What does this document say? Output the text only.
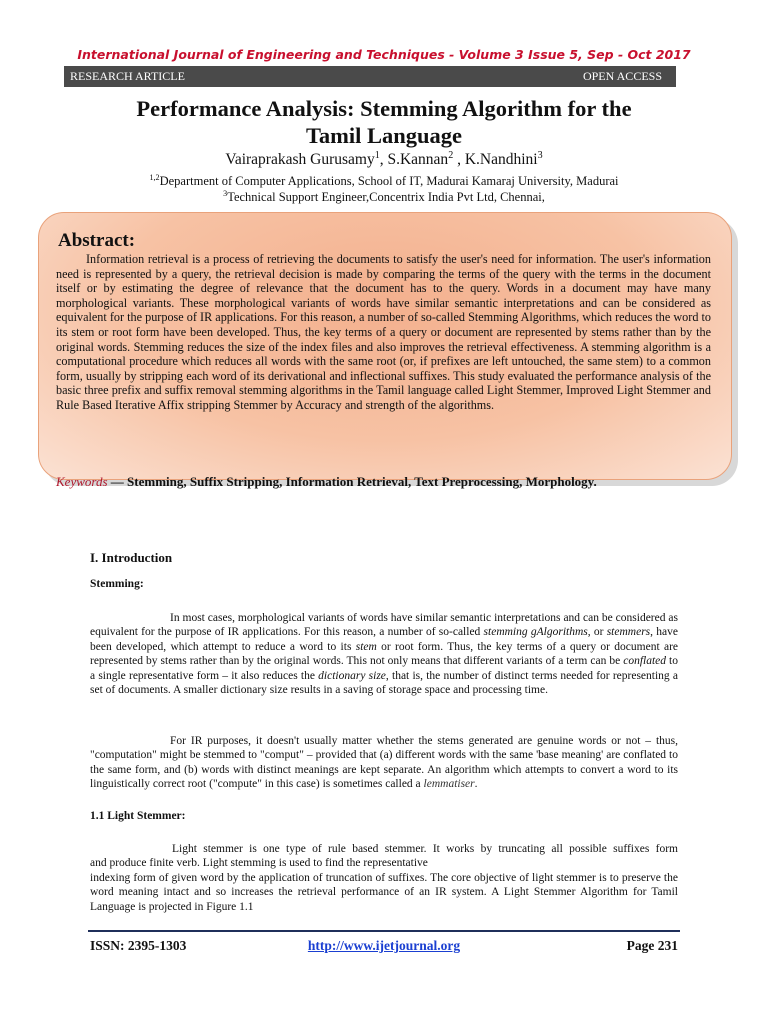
International Journal of Engineering and Techniques - Volume 3 Issue 5, Sep - Oct 2017
RESEARCH ARTICLE	OPEN ACCESS
Performance Analysis: Stemming Algorithm for the
Tamil Language
Vairaprakash Gurusamy$^1$, S.Kannan$^2$ , K.Nandhini$^3$
$^{1,2}$Department of Computer Applications, School of IT, Madurai Kamaraj University, Madurai
$^3$Technical Support Engineer,Concentrix India Pvt Ltd, Chennai,
Abstract:
Information retrieval is a process of retrieving the documents to satisfy the user's need for information. The user's information need is represented by a query, the retrieval decision is made by comparing the terms of the query with the terms in the document itself or by estimating the degree of relevance that the document has to the query. Words in a document may have many morphological variants. These morphological variants of words have similar semantic interpretations and can be considered as equivalent for the purpose of IR applications. For this reason, a number of so-called Stemming Algorithms, which reduces the word to its stem or root form have been developed. Thus, the key terms of a query or document are represented by stems rather than by the original words. Stemming reduces the size of the index files and also improves the retrieval effectiveness. A stemming algorithm is a computational procedure which reduces all words with the same root (or, if prefixes are left untouched, the same stem) to a common form, usually by stripping each word of its derivational and inflectional suffixes. This study evaluated the performance analysis of the basic three prefix and suffix removal stemming algorithms in the Tamil language called Light Stemmer, Improved Light Stemmer and Rule Based Iterative Affix stripping Stemmer by Accuracy and strength of the algorithms.
Keywords — Stemming, Suffix Stripping, Information Retrieval, Text Preprocessing, Morphology.
I. Introduction
Stemming:
In most cases, morphological variants of words have similar semantic interpretations and can be considered as equivalent for the purpose of IR applications. For this reason, a number of so-called stemming gAlgorithms, or stemmers, have been developed, which attempt to reduce a word to its stem or root form. Thus, the key terms of a query or document are represented by stems rather than by the original words. This not only means that different variants of a term can be conflated to a single representative form – it also reduces the dictionary size, that is, the number of distinct terms needed for representing a set of documents. A smaller dictionary size results in a saving of storage space and processing time.
For IR purposes, it doesn't usually matter whether the stems generated are genuine words or not – thus, "computation" might be stemmed to "comput" – provided that (a) different words with the same 'base meaning' are conflated to the same form, and (b) words with distinct meanings are kept separate. An algorithm which attempts to convert a word to its linguistically correct root ("compute" in this case) is sometimes called a lemmatiser.
1.1 Light Stemmer:
Light stemmer is one type of rule based stemmer. It works by truncating all possible suffixes form
and produce finite verb. Light stemming is used to find the representative
indexing form of given word by the application of truncation of suffixes. The core objective of light stemmer is to preserve the word meaning intact and so increases the retrieval performance of an IR system. A Light Stemmer Algorithm for Tamil Language is projected in Figure 1.1
ISSN: 2395-1303	http://www.ijetjournal.org	Page 231
